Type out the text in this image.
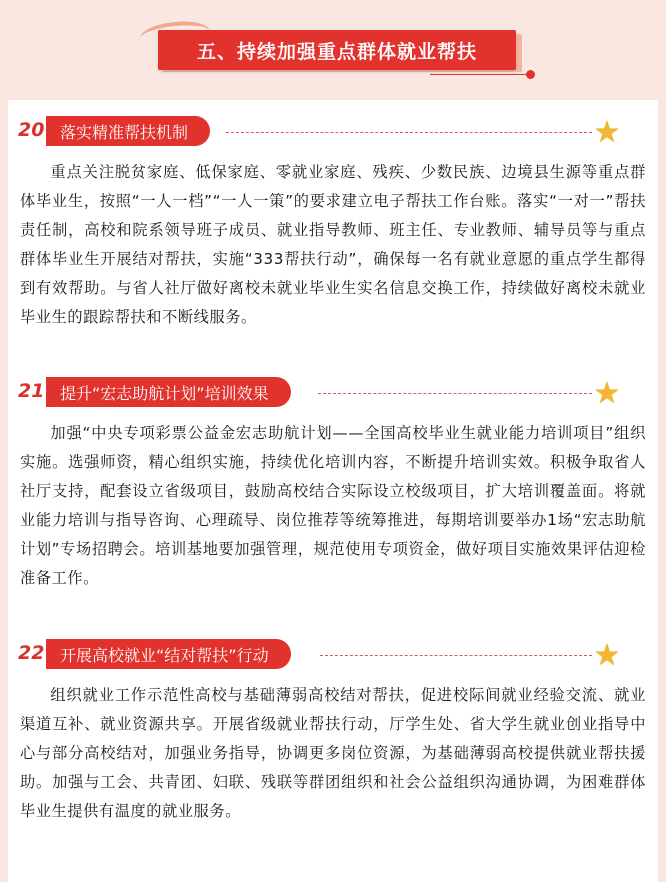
五、持续加强重点群体就业帮扶
20 落实精准帮扶机制	★
重点关注脱贫家庭、低保家庭、零就业家庭、残疾、少数民族、边境县生源等重点群体毕业生，按照“一人一档”“一人一策”的要求建立电子帮扶工作台账。落实“一对一”帮扶责任制，高校和院系领导班子成员、就业指导教师、班主任、专业教师、辅导员等与重点群体毕业生开展结对帮扶，实施“333帮扶行动”，确保每一名有就业意愿的重点学生都得到有效帮助。与省人社厅做好离校未就业毕业生实名信息交换工作，持续做好离校未就业毕业生的跟踪帮扶和不断线服务。
21 提升“宏志助航计划”培训效果	★
加强“中央专项彩票公益金宏志助航计划——全国高校毕业生就业能力培训项目”组织实施。选强师资，精心组织实施，持续优化培训内容，不断提升培训实效。积极争取省人社厅支持，配套设立省级项目，鼓励高校结合实际设立校级项目，扩大培训覆盖面。将就业能力培训与指导咨询、心理疏导、岗位推荐等统筹推进，每期培训要举办1场“宏志助航计划”专场招聘会。培训基地要加强管理，规范使用专项资金，做好项目实施效果评估迎检准备工作。
22 开展高校就业“结对帮扶”行动	★
组织就业工作示范性高校与基础薄弱高校结对帮扶，促进校际间就业经验交流、就业渠道互补、就业资源共享。开展省级就业帮扶行动，厅学生处、省大学生就业创业指导中心与部分高校结对，加强业务指导，协调更多岗位资源，为基础薄弱高校提供就业帮扶援助。加强与工会、共青团、妇联、残联等群团组织和社会公益组织沟通协调，为困难群体毕业生提供有温度的就业服务。
